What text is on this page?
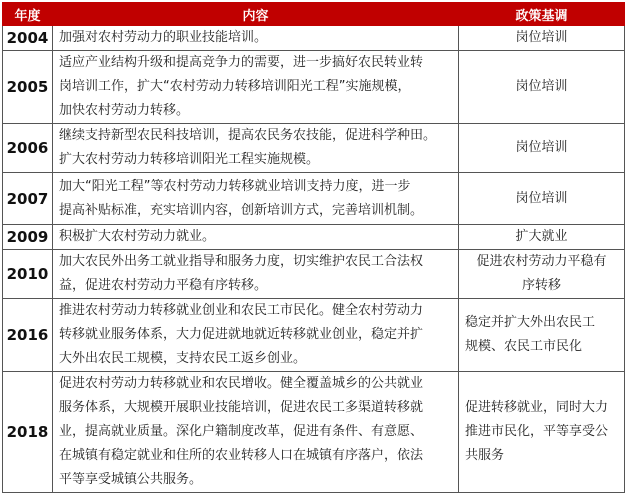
年度	内容	政策基调
2004	加强对农村劳动力的职业技能培训。	岗位培训

2005	适应产业结构升级和提高竞争力的需要，进一步搞好农民转业转
岗培训工作，扩大“农村劳动力转移培训阳光工程”实施规模，
加快农村劳动力转移。	岗位培训

2006	继续支持新型农民科技培训，提高农民务农技能，促进科学种田。
扩大农村劳动力转移培训阳光工程实施规模。	岗位培训

2007	加大“阳光工程”等农村劳动力转移就业培训支持力度，进一步
提高补贴标准，充实培训内容，创新培训方式，完善培训机制。	岗位培训

2009	积极扩大农村劳动力就业。	扩大就业

2010	加大农民外出务工就业指导和服务力度，切实维护农民工合法权
益，促进农村劳动力平稳有序转移。	促进农村劳动力平稳有
序转移

2016	推进农村劳动力转移就业创业和农民工市民化。健全农村劳动力
转移就业服务体系，大力促进就地就近转移就业创业，稳定并扩
大外出农民工规模，支持农民工返乡创业。	稳定并扩大外出农民工
规模、农民工市民化

2018	促进农村劳动力转移就业和农民增收。健全覆盖城乡的公共就业
服务体系，大规模开展职业技能培训，促进农民工多渠道转移就
业，提高就业质量。深化户籍制度改革，促进有条件、有意愿、
在城镇有稳定就业和住所的农业转移人口在城镇有序落户，依法
平等享受城镇公共服务。	促进转移就业，同时大力
推进市民化，平等享受公
共服务
